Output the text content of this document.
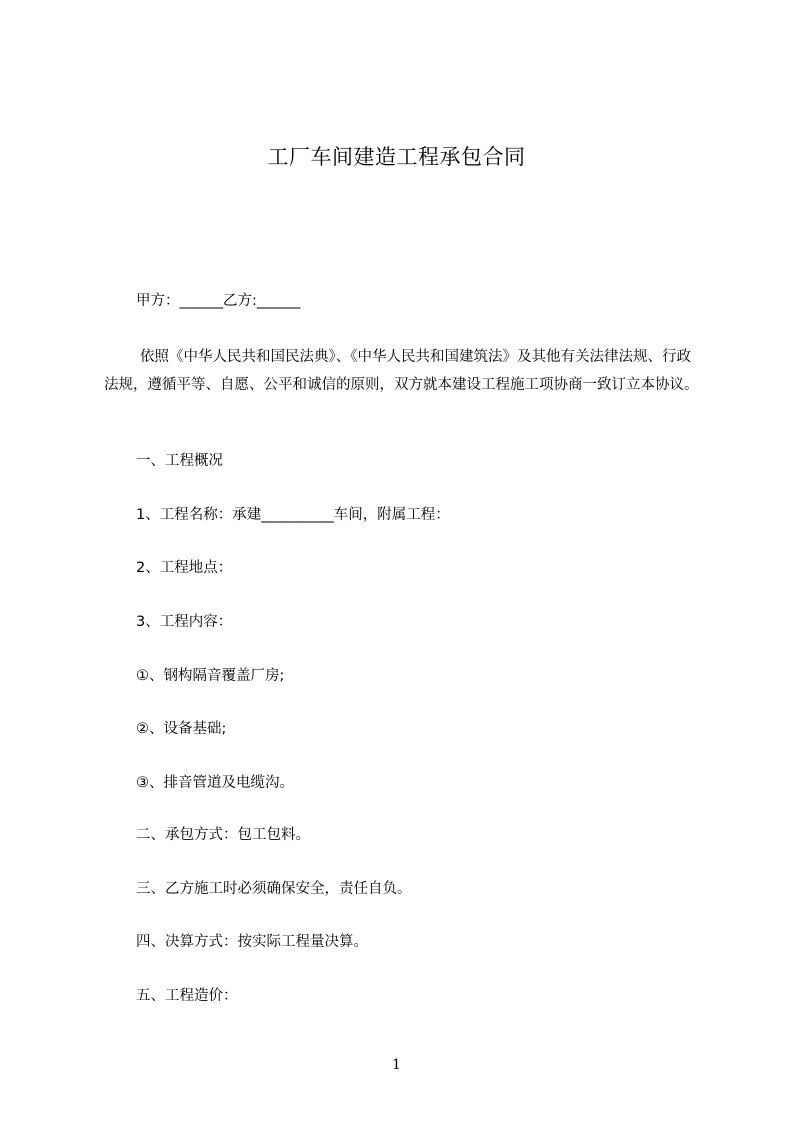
工厂车间建造工程承包合同
甲方：______乙方:______
依照《中华人民共和国民法典》、《中华人民共和国建筑法》及其他有关法律法规、行政法规，遵循平等、自愿、公平和诚信的原则，双方就本建设工程施工项协商一致订立本协议。
一、工程概况
1、工程名称：承建__________车间，附属工程：
2、工程地点：
3、工程内容：
①、钢构隔音覆盖厂房;
②、设备基础;
③、排音管道及电缆沟。
二、承包方式：包工包料。
三、乙方施工时必须确保安全，责任自负。
四、决算方式：按实际工程量决算。
五、工程造价：
1
